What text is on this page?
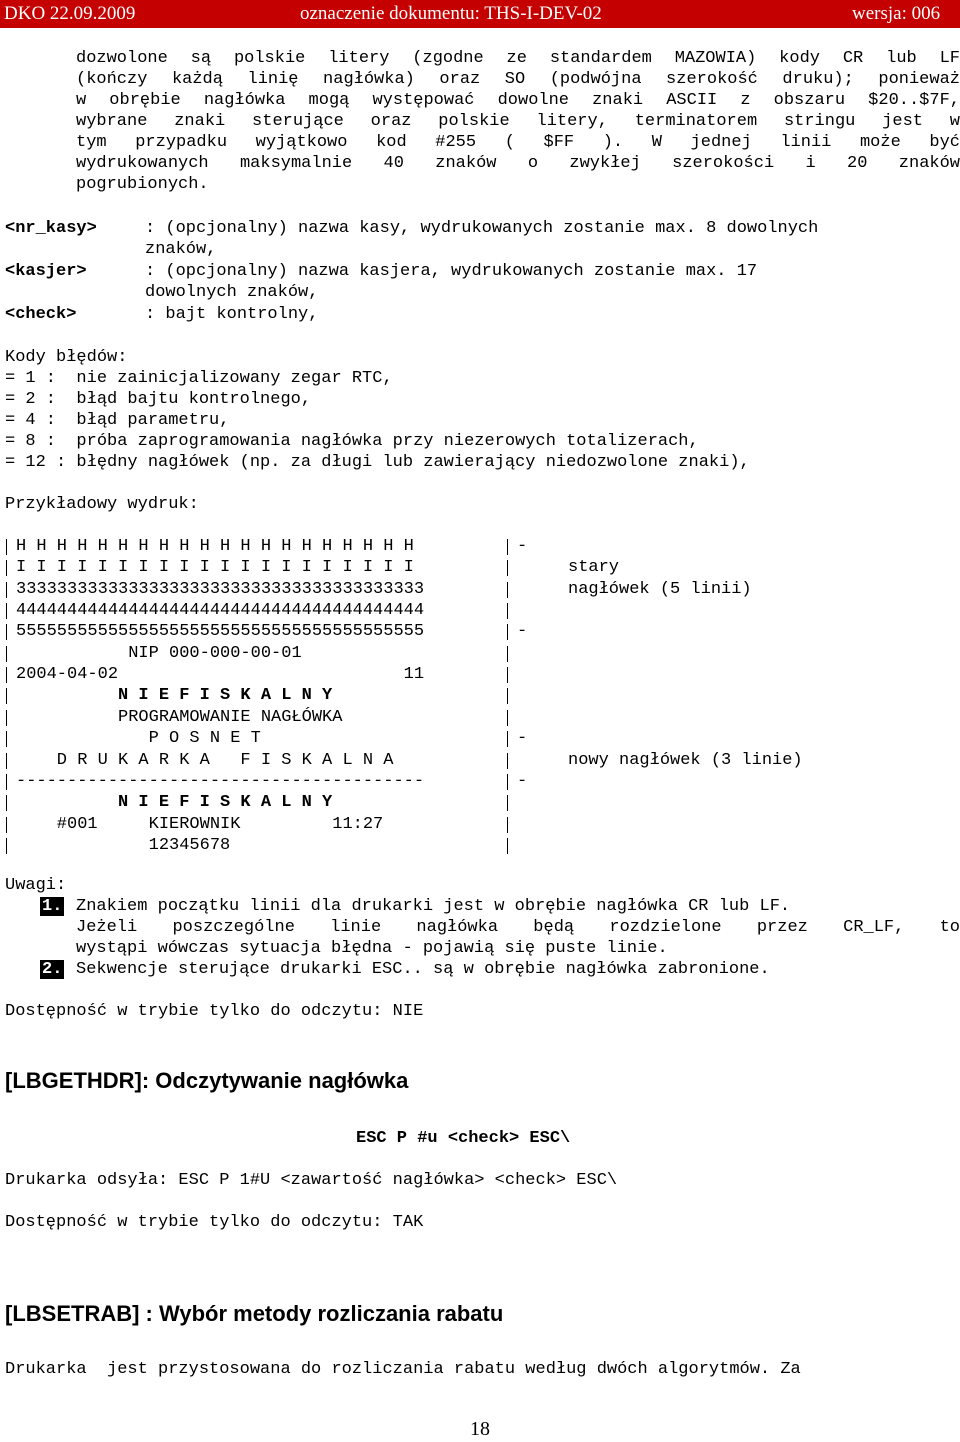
DKO 22.09.2009	oznaczenie dokumentu: THS-I-DEV-02	wersja: 006
dozwolone są polskie litery (zgodne ze standardem MAZOWIA) kody CR lub LF
(kończy każdą linię nagłówka) oraz SO (podwójna szerokość druku); ponieważ
w obrębie nagłówka mogą występować dowolne znaki ASCII z obszaru $20..$7F,
wybrane znaki sterujące oraz polskie litery, terminatorem stringu jest w
tym przypadku wyjątkowo kod #255 ( $FF ). W jednej linii może być
wydrukowanych maksymalnie 40 znaków o zwykłej szerokości i 20 znaków
pogrubionych.
<nr_kasy>	: (opcjonalny) nazwa kasy, wydrukowanych zostanie max. 8 dowolnych
znaków,
<kasjer>	: (opcjonalny) nazwa kasjera, wydrukowanych zostanie max. 17
dowolnych znaków,
<check>	: bajt kontrolny,
Kody błędów:
= 1 :  nie zainicjalizowany zegar RTC,
= 2 :  błąd bajtu kontrolnego,
= 4 :  błąd parametru,
= 8 :  próba zaprogramowania nagłówka przy niezerowych totalizerach,
= 12 : błędny nagłówek (np. za długi lub zawierający niedozwolone znaki),
Przykładowy wydruk:
H H H H H H H H H H H H H H H H H H H H	-
I I I I I I I I I I I I I I I I I I I I	stary
3333333333333333333333333333333333333333	nagłówek (5 linii)
4444444444444444444444444444444444444444
5555555555555555555555555555555555555555	-
NIP 000-000-00-01
2004-04-02                            11
N I E F I S K A L N Y
PROGRAMOWANIE NAGŁÓWKA
P O S N E T	-
D R U K A R K A   F I S K A L N A	nowy nagłówek (3 linie)
----------------------------------------	-
N I E F I S K A L N Y
#001     KIEROWNIK         11:27
12345678
Uwagi:
1. Znakiem początku linii dla drukarki jest w obrębie nagłówka CR lub LF.
Jeżeli poszczególne linie nagłówka będą rozdzielone przez CR_LF, to
wystąpi wówczas sytuacja błędna - pojawią się puste linie.
2. Sekwencje sterujące drukarki ESC.. są w obrębie nagłówka zabronione.
Dostępność w trybie tylko do odczytu: NIE
[LBGETHDR]: Odczytywanie nagłówka
ESC P #u <check> ESC\
Drukarka odsyła: ESC P 1#U <zawartość nagłówka> <check> ESC\
Dostępność w trybie tylko do odczytu: TAK
[LBSETRAB] : Wybór metody rozliczania rabatu
Drukarka  jest przystosowana do rozliczania rabatu według dwóch algorytmów. Za
18
